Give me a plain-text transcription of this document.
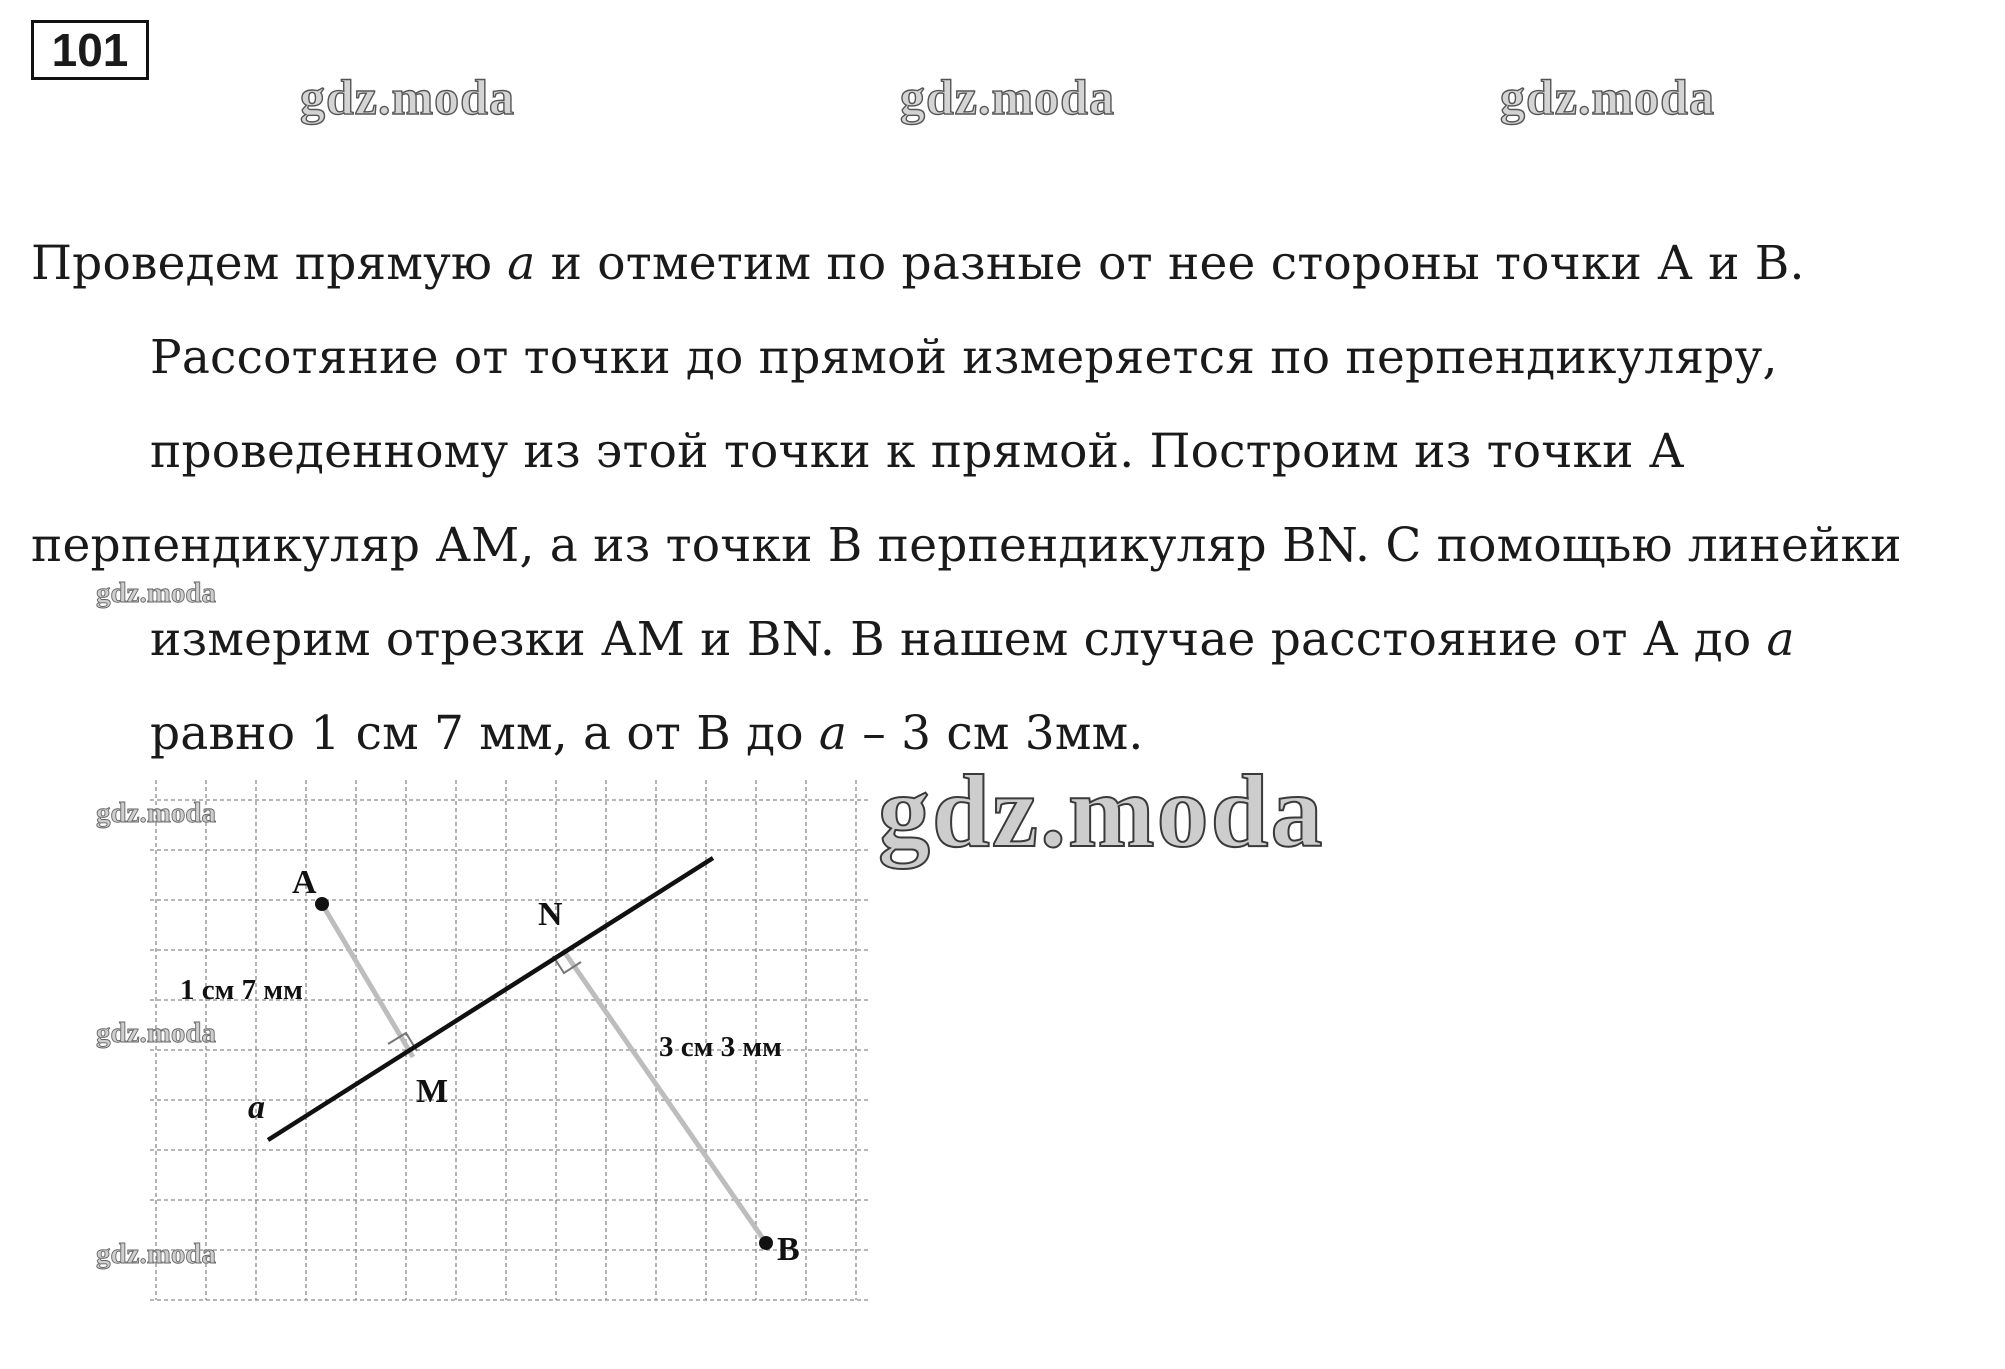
101
gdz.moda	gdz.moda	gdz.moda
Проведем прямую a и отметим по разные от нее стороны точки А и В.
Рассотяние от точки до прямой измеряется по перпендикуляру,
проведенному из этой точки к прямой. Построим из точки А
перпендикуляр АМ, а из точки В перпендикуляр ВN. С помощью линейки
измерим отрезки АМ и ВN. В нашем случае расстояние от А до a
равно 1 см 7 мм, а от В до a – 3 см 3мм.
gdz.moda
gdz.moda
gdz.moda
gdz.moda
A
B
M
N
a
1 см 7 мм
3 см 3 мм
gdz.moda
